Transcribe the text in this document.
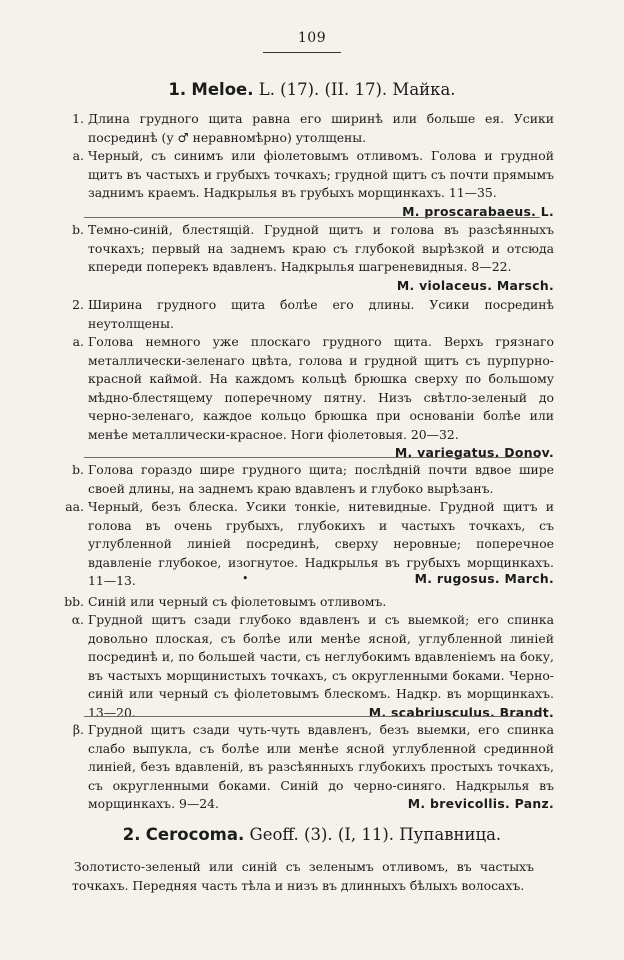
109
1. Meloe. L. (17). (II. 17). Майка.
1. Длина грудного щита равна его ширинѣ или больше ея. Усики посрединѣ (у ♂ неравномѣрно) утолщены.
a. Черный, съ синимъ или фіолетовымъ отливомъ. Голова и грудной щитъ въ частыхъ и грубыхъ точкахъ; грудной щитъ съ почти прямымъ заднимъ краемъ. Надкрылья въ грубыхъ морщинкахъ. 11—35.
M. proscarabaeus. L.
b. Темно-синій, блестящій. Грудной щитъ и голова въ разсѣянныхъ точкахъ; первый на заднемъ краю съ глубокой вырѣзкой и отсюда кпереди поперекъ вдавленъ. Надкрылья шагреневидныя. 8—22.
M. violaceus. Marsch.
2. Ширина грудного щита болѣе его длины. Усики посрединѣ неутолщены.
a. Голова немного уже плоскаго грудного щита. Верхъ грязнаго металлически-зеленаго цвѣта, голова и грудной щитъ съ пурпурно-красной каймой. На каждомъ кольцѣ брюшка сверху по большому мѣдно-блестящему поперечному пятну. Низъ свѣтло-зеленый до черно-зеленаго, каждое кольцо брюшка при основаніи болѣе или менѣе металлически-красное. Ноги фіолетовыя. 20—32.
M. variegatus. Donov.
b. Голова гораздо шире грудного щита; послѣдній почти вдвое шире своей длины, на заднемъ краю вдавленъ и глубоко вырѣзанъ.
aa. Черный, безъ блеска. Усики тонкіе, нитевидные. Грудной щитъ и голова въ очень грубыхъ, глубокихъ и частыхъ точкахъ, съ углубленной линіей посрединѣ, сверху неровные; поперечное вдавленіе глубокое, изогнутое. Надкрылья въ грубыхъ морщинкахъ. 11—13.	•	M. rugosus. March.
bb. Синій или черный съ фіолетовымъ отливомъ.
α. Грудной щитъ сзади глубоко вдавленъ и съ выемкой; его спинка довольно плоская, съ болѣе или менѣе ясной, углубленной линіей посрединѣ и, по большей части, съ неглубокимъ вдавленіемъ на боку, въ частыхъ морщинистыхъ точкахъ, съ округленными боками. Черно-синій или черный съ фіолетовымъ блескомъ. Надкр. въ морщинкахъ. 13—20.	M. scabriusculus. Brandt.
β. Грудной щитъ сзади чуть-чуть вдавленъ, безъ выемки, его спинка слабо выпукла, съ болѣе или менѣе ясной углубленной срединной линіей, безъ вдавленій, въ разсѣянныхъ глубокихъ простыхъ точкахъ, съ округленными боками. Синій до черно-синяго. Надкрылья въ морщинкахъ. 9—24.	M. brevicollis. Panz.
2. Cerocoma. Geoff. (3). (I, 11). Пупавница.
Золотисто-зеленый или синій съ зеленымъ отливомъ, въ частыхъ точкахъ. Передняя часть тѣла и низъ въ длинныхъ бѣлыхъ волосахъ.
